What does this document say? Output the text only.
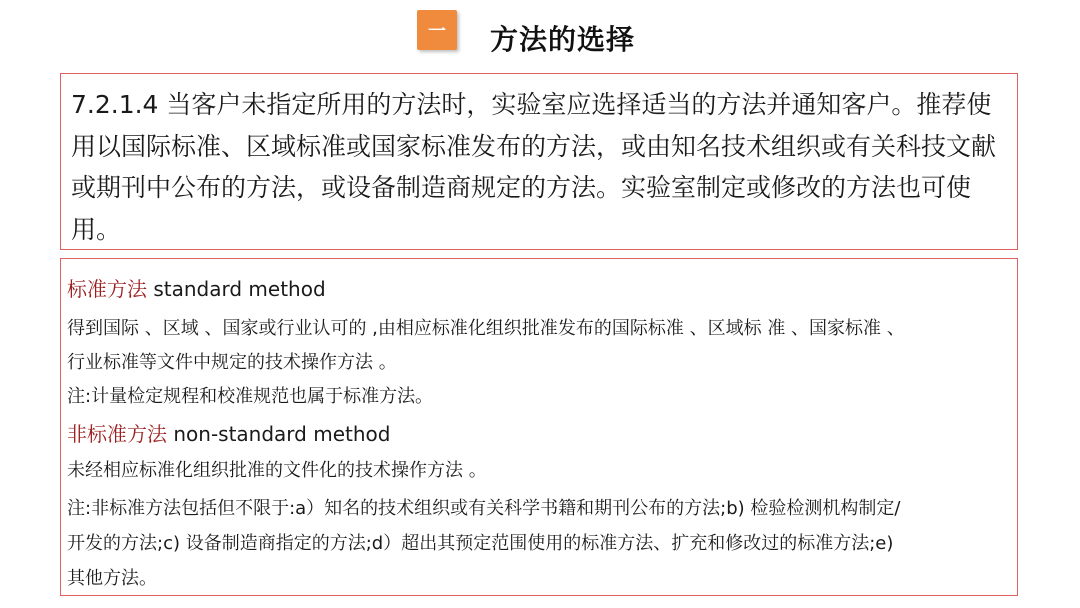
一 方法的选择

7.2.1.4 当客户未指定所用的方法时，实验室应选择适当的方法并通知客户。推荐使用以国际标准、区域标准或国家标准发布的方法，或由知名技术组织或有关科技文献或期刊中公布的方法，或设备制造商规定的方法。实验室制定或修改的方法也可使用。

标准方法 standard method
得到国际 、区域 、国家或行业认可的 ,由相应标准化组织批准发布的国际标准 、区域标 准 、国家标准 、
行业标准等文件中规定的技术操作方法 。
注:计量检定规程和校准规范也属于标准方法。
非标准方法 non-standard method
未经相应标准化组织批准的文件化的技术操作方法 。
注:非标准方法包括但不限于:a）知名的技术组织或有关科学书籍和期刊公布的方法;b) 检验检测机构制定/
开发的方法;c) 设备制造商指定的方法;d）超出其预定范围使用的标准方法、扩充和修改过的标准方法;e)
其他方法。
